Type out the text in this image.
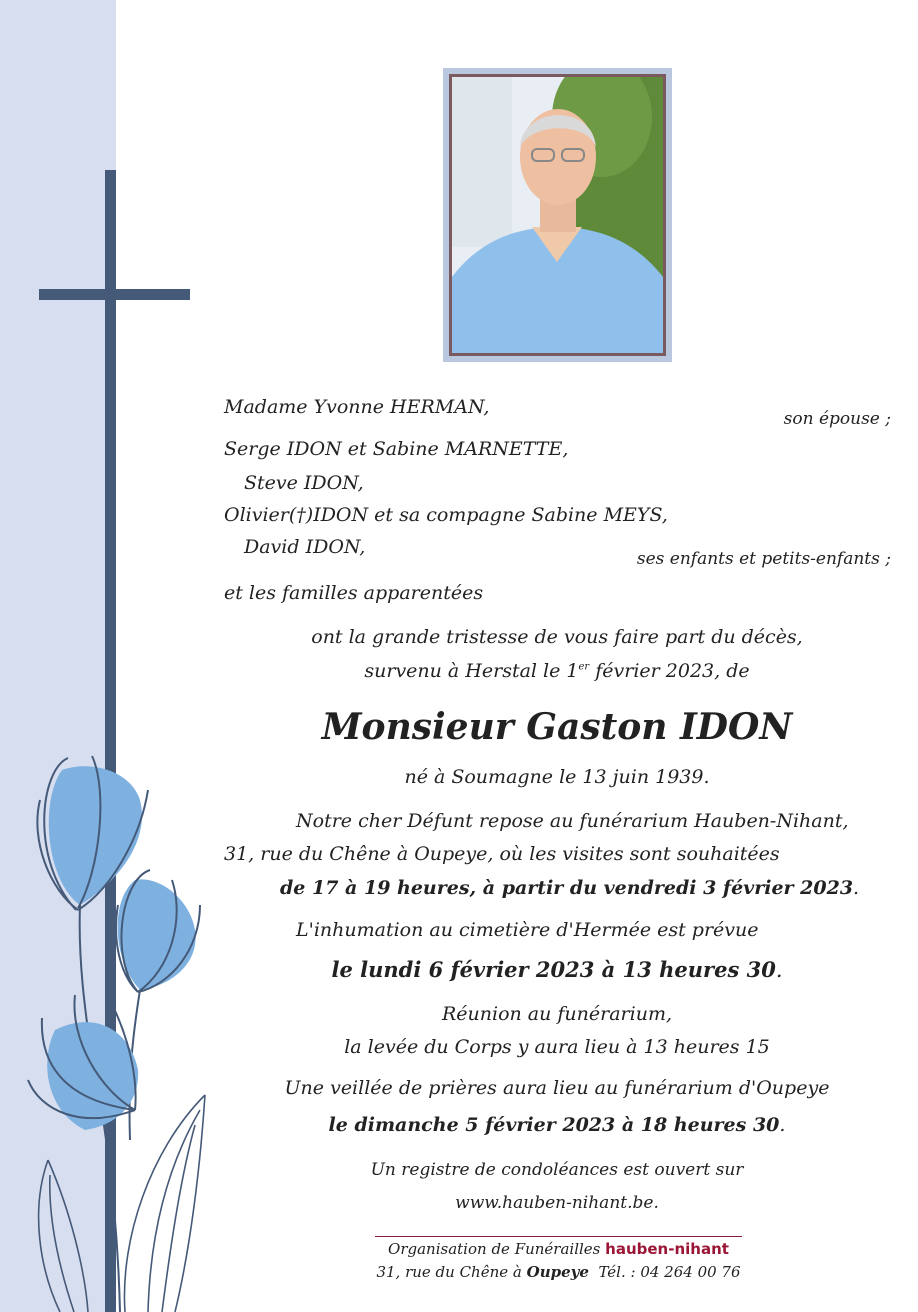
Madame Yvonne HERMAN,

son épouse ;

Serge IDON et Sabine MARNETTE,

Steve IDON,

Olivier(†)IDON et sa compagne Sabine MEYS,

David IDON,

ses enfants et petits-enfants ;

et les familles apparentées

ont la grande tristesse de vous faire part du décès,

survenu à Herstal le 1er février 2023, de

Monsieur Gaston IDON

né à Soumagne le 13 juin 1939.

Notre cher Défunt repose au funérarium Hauben-Nihant,

31, rue du Chêne à Oupeye, où les visites sont souhaitées

de 17 à 19 heures, à partir du vendredi 3 février 2023.

L'inhumation au cimetière d'Hermée est prévue

le lundi 6 février 2023 à 13 heures 30.

Réunion au funérarium,

la levée du Corps y aura lieu à 13 heures 15

Une veillée de prières aura lieu au funérarium d'Oupeye

le dimanche 5 février 2023 à 18 heures 30.

Un registre de condoléances est ouvert sur

www.hauben-nihant.be.

Organisation de Funérailles hauben-nihant

31, rue du Chêne à Oupeye Tél. : 04 264 00 76
